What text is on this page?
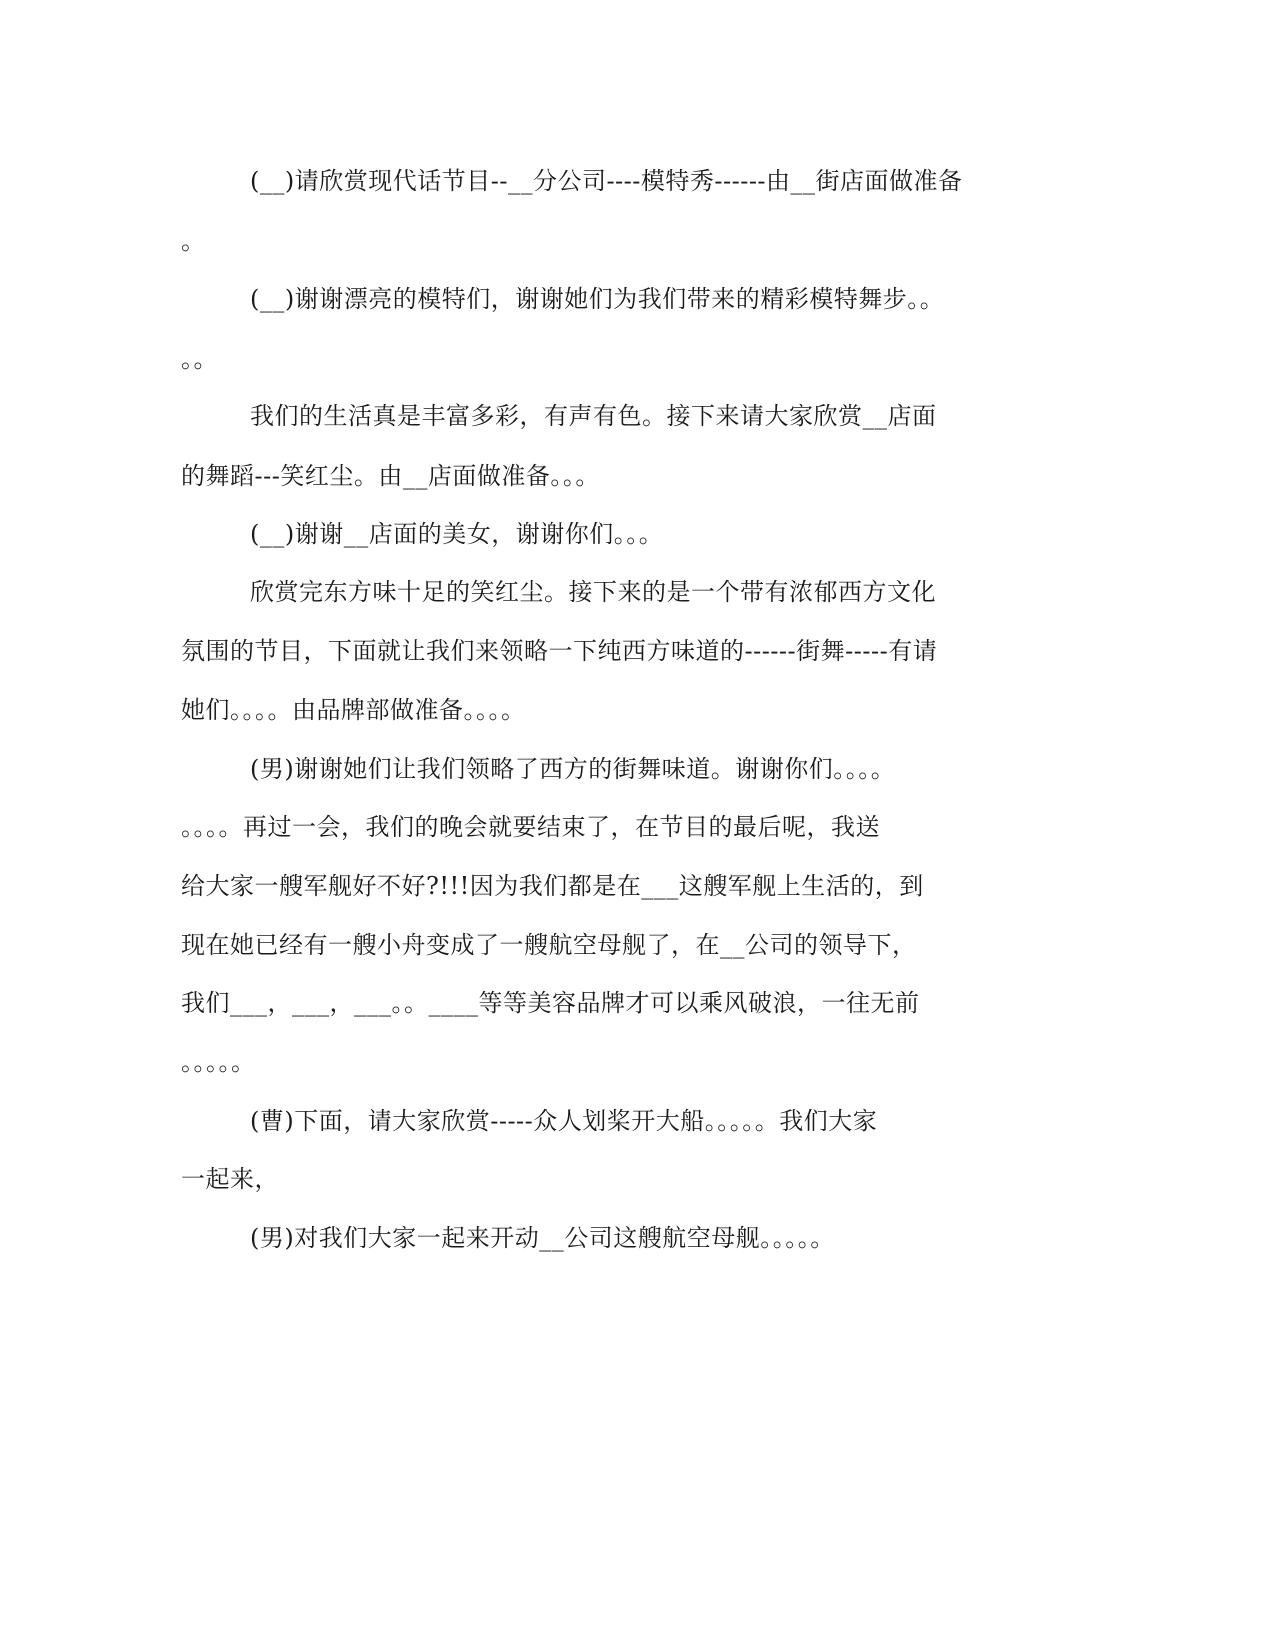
(__)请欣赏现代话节目--__分公司----模特秀------由__街店面做准备
。
(__)谢谢漂亮的模特们，谢谢她们为我们带来的精彩模特舞步。。
。。
我们的生活真是丰富多彩，有声有色。接下来请大家欣赏__店面
的舞蹈---笑红尘。由__店面做准备。。。
(__)谢谢__店面的美女，谢谢你们。。。
欣赏完东方味十足的笑红尘。接下来的是一个带有浓郁西方文化
氛围的节目，下面就让我们来领略一下纯西方味道的------街舞-----有请
她们。。。。由品牌部做准备。。。。
(男)谢谢她们让我们领略了西方的街舞味道。谢谢你们。。。。
。。。。再过一会，我们的晚会就要结束了，在节目的最后呢，我送
给大家一艘军舰好不好?!!!因为我们都是在___这艘军舰上生活的，到
现在她已经有一艘小舟变成了一艘航空母舰了，在__公司的领导下，
我们___，___，___。。____等等美容品牌才可以乘风破浪，一往无前
。。。。。
(曹)下面，请大家欣赏-----众人划桨开大船。。。。。我们大家
一起来，
(男)对我们大家一起来开动__公司这艘航空母舰。。。。。
